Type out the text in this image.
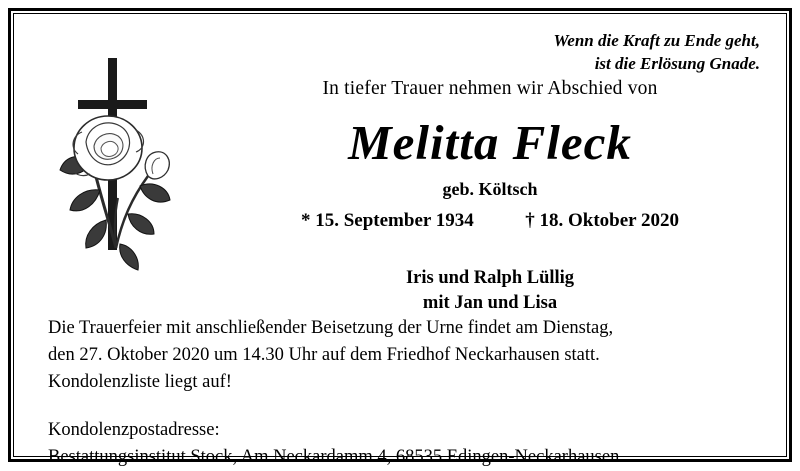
Wenn die Kraft zu Ende geht,
ist die Erlösung Gnade.
In tiefer Trauer nehmen wir Abschied von
Melitta Fleck
geb. Költsch
* 15. September 1934	† 18. Oktober 2020
Iris und Ralph Lüllig
mit Jan und Lisa

Die Trauerfeier mit anschließender Beisetzung der Urne findet am Dienstag,

den 27. Oktober 2020 um 14.30 Uhr auf dem Friedhof Neckarhausen statt.

Kondolenzliste liegt auf!

Kondolenzpostadresse:

Bestattungsinstitut Stock, Am Neckardamm 4, 68535 Edingen-Neckarhausen.
